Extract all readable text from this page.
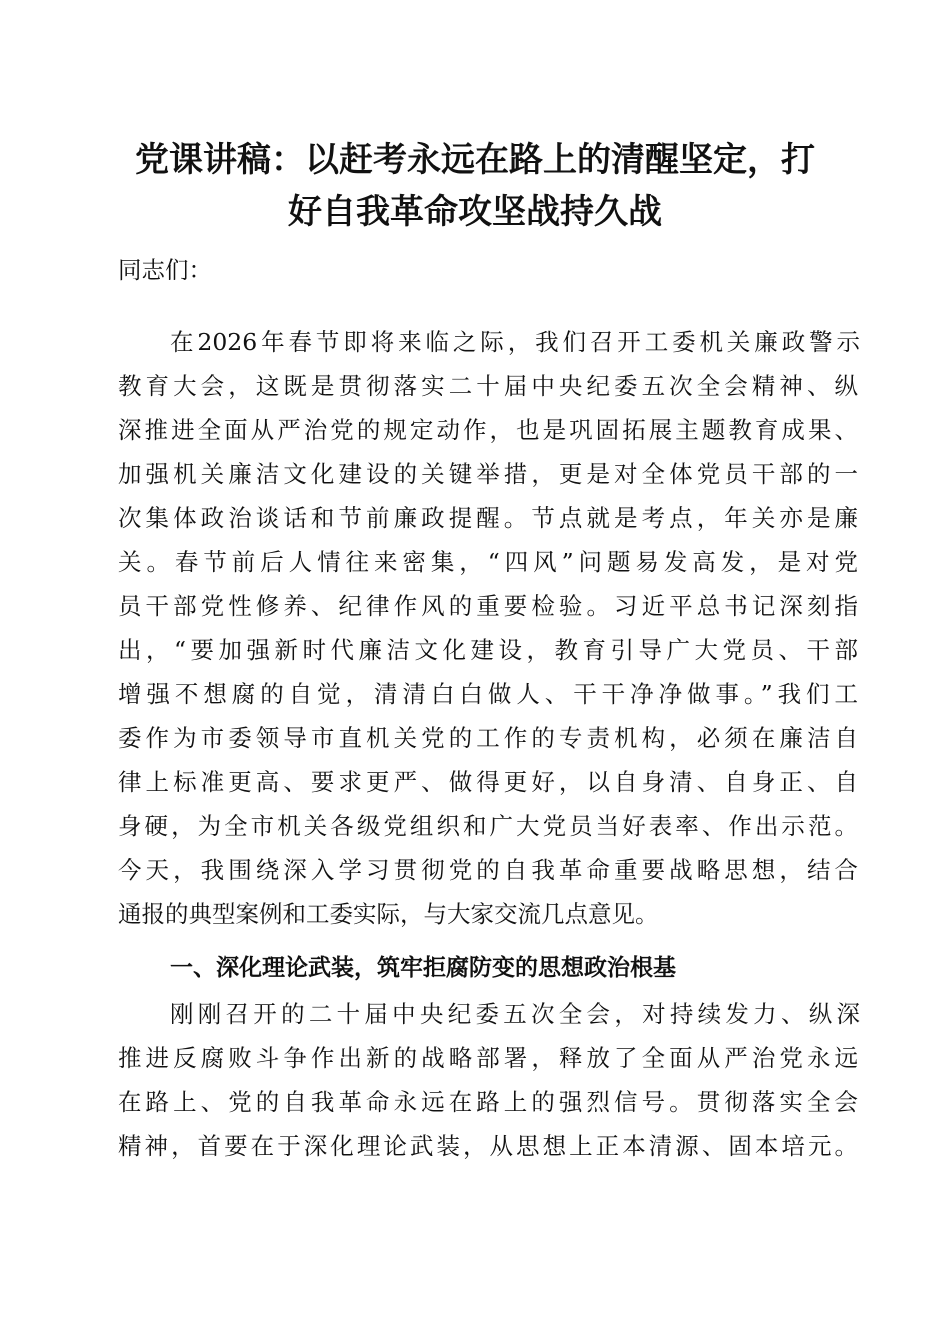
党课讲稿：以赶考永远在路上的清醒坚定，打
好自我革命攻坚战持久战

同志们：

在2026年春节即将来临之际，我们召开工委机关廉政警示

教育大会，这既是贯彻落实二十届中央纪委五次全会精神、纵

深推进全面从严治党的规定动作，也是巩固拓展主题教育成果、

加强机关廉洁文化建设的关键举措，更是对全体党员干部的一

次集体政治谈话和节前廉政提醒。节点就是考点，年关亦是廉

关。春节前后人情往来密集，“四风”问题易发高发，是对党

员干部党性修养、纪律作风的重要检验。习近平总书记深刻指

出，“要加强新时代廉洁文化建设，教育引导广大党员、干部

增强不想腐的自觉，清清白白做人、干干净净做事。”我们工

委作为市委领导市直机关党的工作的专责机构，必须在廉洁自

律上标准更高、要求更严、做得更好，以自身清、自身正、自

身硬，为全市机关各级党组织和广大党员当好表率、作出示范。

今天，我围绕深入学习贯彻党的自我革命重要战略思想，结合

通报的典型案例和工委实际，与大家交流几点意见。

一、深化理论武装，筑牢拒腐防变的思想政治根基

刚刚召开的二十届中央纪委五次全会，对持续发力、纵深

推进反腐败斗争作出新的战略部署，释放了全面从严治党永远

在路上、党的自我革命永远在路上的强烈信号。贯彻落实全会

精神，首要在于深化理论武装，从思想上正本清源、固本培元。
